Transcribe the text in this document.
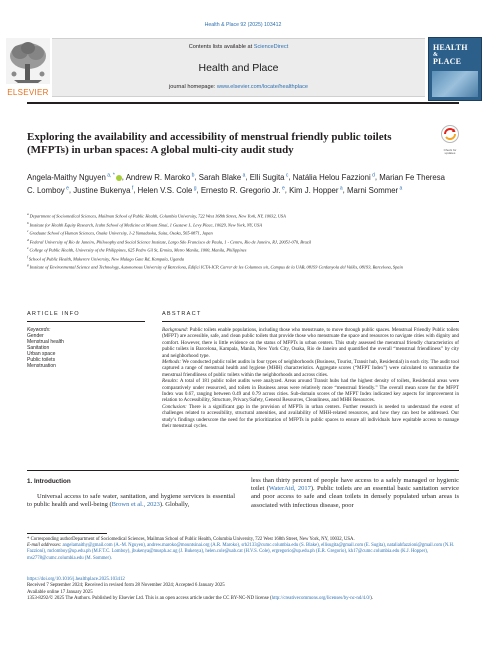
Health & Place 92 (2025) 103412
Contents lists available at ScienceDirect
Health and Place
journal homepage: www.elsevier.com/locate/healthplace
ELSEVIER
HEALTH
&
PLACE
Check for updates
Exploring the availability and accessibility of menstrual friendly public toilets (MFPTs) in urban spaces: A global multi-city audit study
Angela-Maithy Nguyen $^{a, *}$ , Andrew R. Maroko $^b$, Sarah Blake $^a$, Elli Sugita $^c$, Natália Helou Fazzioni $^d$, Marian Fe Theresa C. Lomboy $^e$, Justine Bukenya $^f$, Helen V.S. Cole $^g$, Ernesto R. Gregorio Jr. $^e$, Kim J. Hopper $^a$, Marni Sommer $^a$
$^a$ Department of Sociomedical Sciences, Mailman School of Public Health, Columbia University, 722 West 168th Street, New York, NY, 10032, USA
$^b$ Institute for Health Equity Research, Icahn School of Medicine at Mount Sinai, 1 Gustave L. Levy Place, 10029, New York, NY, USA
$^c$ Graduate School of Human Sciences, Osaka University, 1-2 Yamadaoka, Suita, Osaka, 565-0871, Japan
$^d$ Federal University of Rio de Janeiro, Philosophy and Social Science Institute, Largo São Francisco de Paula, 1 - Centro, Rio de Janeiro, RJ, 20051-070, Brazil
$^e$ College of Public Health, University of the Philippines, 625 Pedro Gil St, Ermita, Metro Manila, 1000, Manila, Philippines
$^f$ School of Public Health, Makerere University, New Mulago Gate Rd, Kampala, Uganda
$^g$ Institute of Environmental Science and Technology, Autonomous University of Barcelona, Edifici ICTA-ICP, Carrer de les Columnes s/n, Campus de la UAB, 08193 Cerdanyola del Vallès, 08193, Barcelona, Spain
ARTICLE INFO	ABSTRACT
Keywords:
Gender
Menstrual health
Sanitation
Urban space
Public toilets
Menstruation

Background: Public toilets enable populations, including those who menstruate, to move through public spaces. Menstrual Friendly Public toilets (MFPT) are accessible, safe, and clean public toilets that provide those who menstruate the space and resources to navigate cities with dignity and comfort. However, there is little evidence on the status of MFPTs in urban centers. This study assessed the menstrual friendly characteristics of public toilets in Barcelona, Kampala, Manila, New York City, Osaka, Rio de Janeiro and quantified the overall “menstrual friendliness” by city and neighborhood type.

Methods: We conducted public toilet audits in four types of neighborhoods (Business, Tourist, Transit hub, Residential) in each city. The audit tool captured a range of menstrual health and hygiene (MHH) characteristics. Aggregate scores (“MFPT Index”) were calculated to summarize the menstrual friendliness of public toilets within the neighborhoods and across cities.

Results: A total of 181 public toilet audits were analyzed. Areas around Transit hubs had the highest density of toilets, Residential areas were comparatively under resourced, and toilets in Business areas were relatively more “menstrual friendly.” The overall mean score for the MFPT Index was 0.67, ranging between 0.49 and 0.79 across cities. Sub-domain scores of the MFPT Index indicated key aspects for improvement in relation to Accessibility, Structure, Privacy/Safety, General Resources, Cleanliness, and MHH Resources.

Conclusion: There is a significant gap in the provision of MFPTs in urban centers. Further research is needed to understand the extent of challenges related to accessibility, structural amenities, and availability of MHH-related resources, and how they can best be addressed. Our study’s findings underscore the need for the prioritization of MFPTs in public spaces to ensure all individuals have equitable access to manage their menstrual cycles.

1. Introduction
Universal access to safe water, sanitation, and hygiene services is essential to public health and well-being (Brown et al., 2023). Globally,
less than thirty percent of people have access to a safely managed or hygienic toilet (WaterAid, 2017). Public toilets are an essential basic sanitation service and poor access to safe and clean toilets in densely populated urban areas is associated with infectious disease, poor
* Corresponding authorDepartment of Sociomedical Sciences, Mailman School of Public Health, Columbia University, 722 West 168th Street, New York, NY, 10032, USA.
E-mail addresses: angelamaithy@gmail.com (A.-M. Nguyen), andrew.maroko@mountsinai.org (A.R. Maroko), srb2133@cumc.columbia.edu (S. Blake), ellisugita@gmail.com (E. Sugita), nataliahfazzioni@gmail.com (N.H. Fazzioni), mclomboy@up.edu.ph (M.F.T.C. Lomboy), jbukenya@musph.ac.ug (J. Bukenya), helen.cole@uab.cat (H.V.S. Cole), ergregorio@up.edu.ph (E.R. Gregorio), kh17@cumc.columbia.edu (K.J. Hopper), ms2778@cumc.columbia.edu (M. Sommer).
https://doi.org/10.1016/j.healthplace.2025.103412
Received 7 September 2024; Received in revised form 28 November 2024; Accepted 6 January 2025
Available online 17 January 2025
1353-8292/© 2025 The Authors. Published by Elsevier Ltd. This is an open access article under the CC BY-NC-ND license (http://creativecommons.org/licenses/by-nc-nd/4.0/).
